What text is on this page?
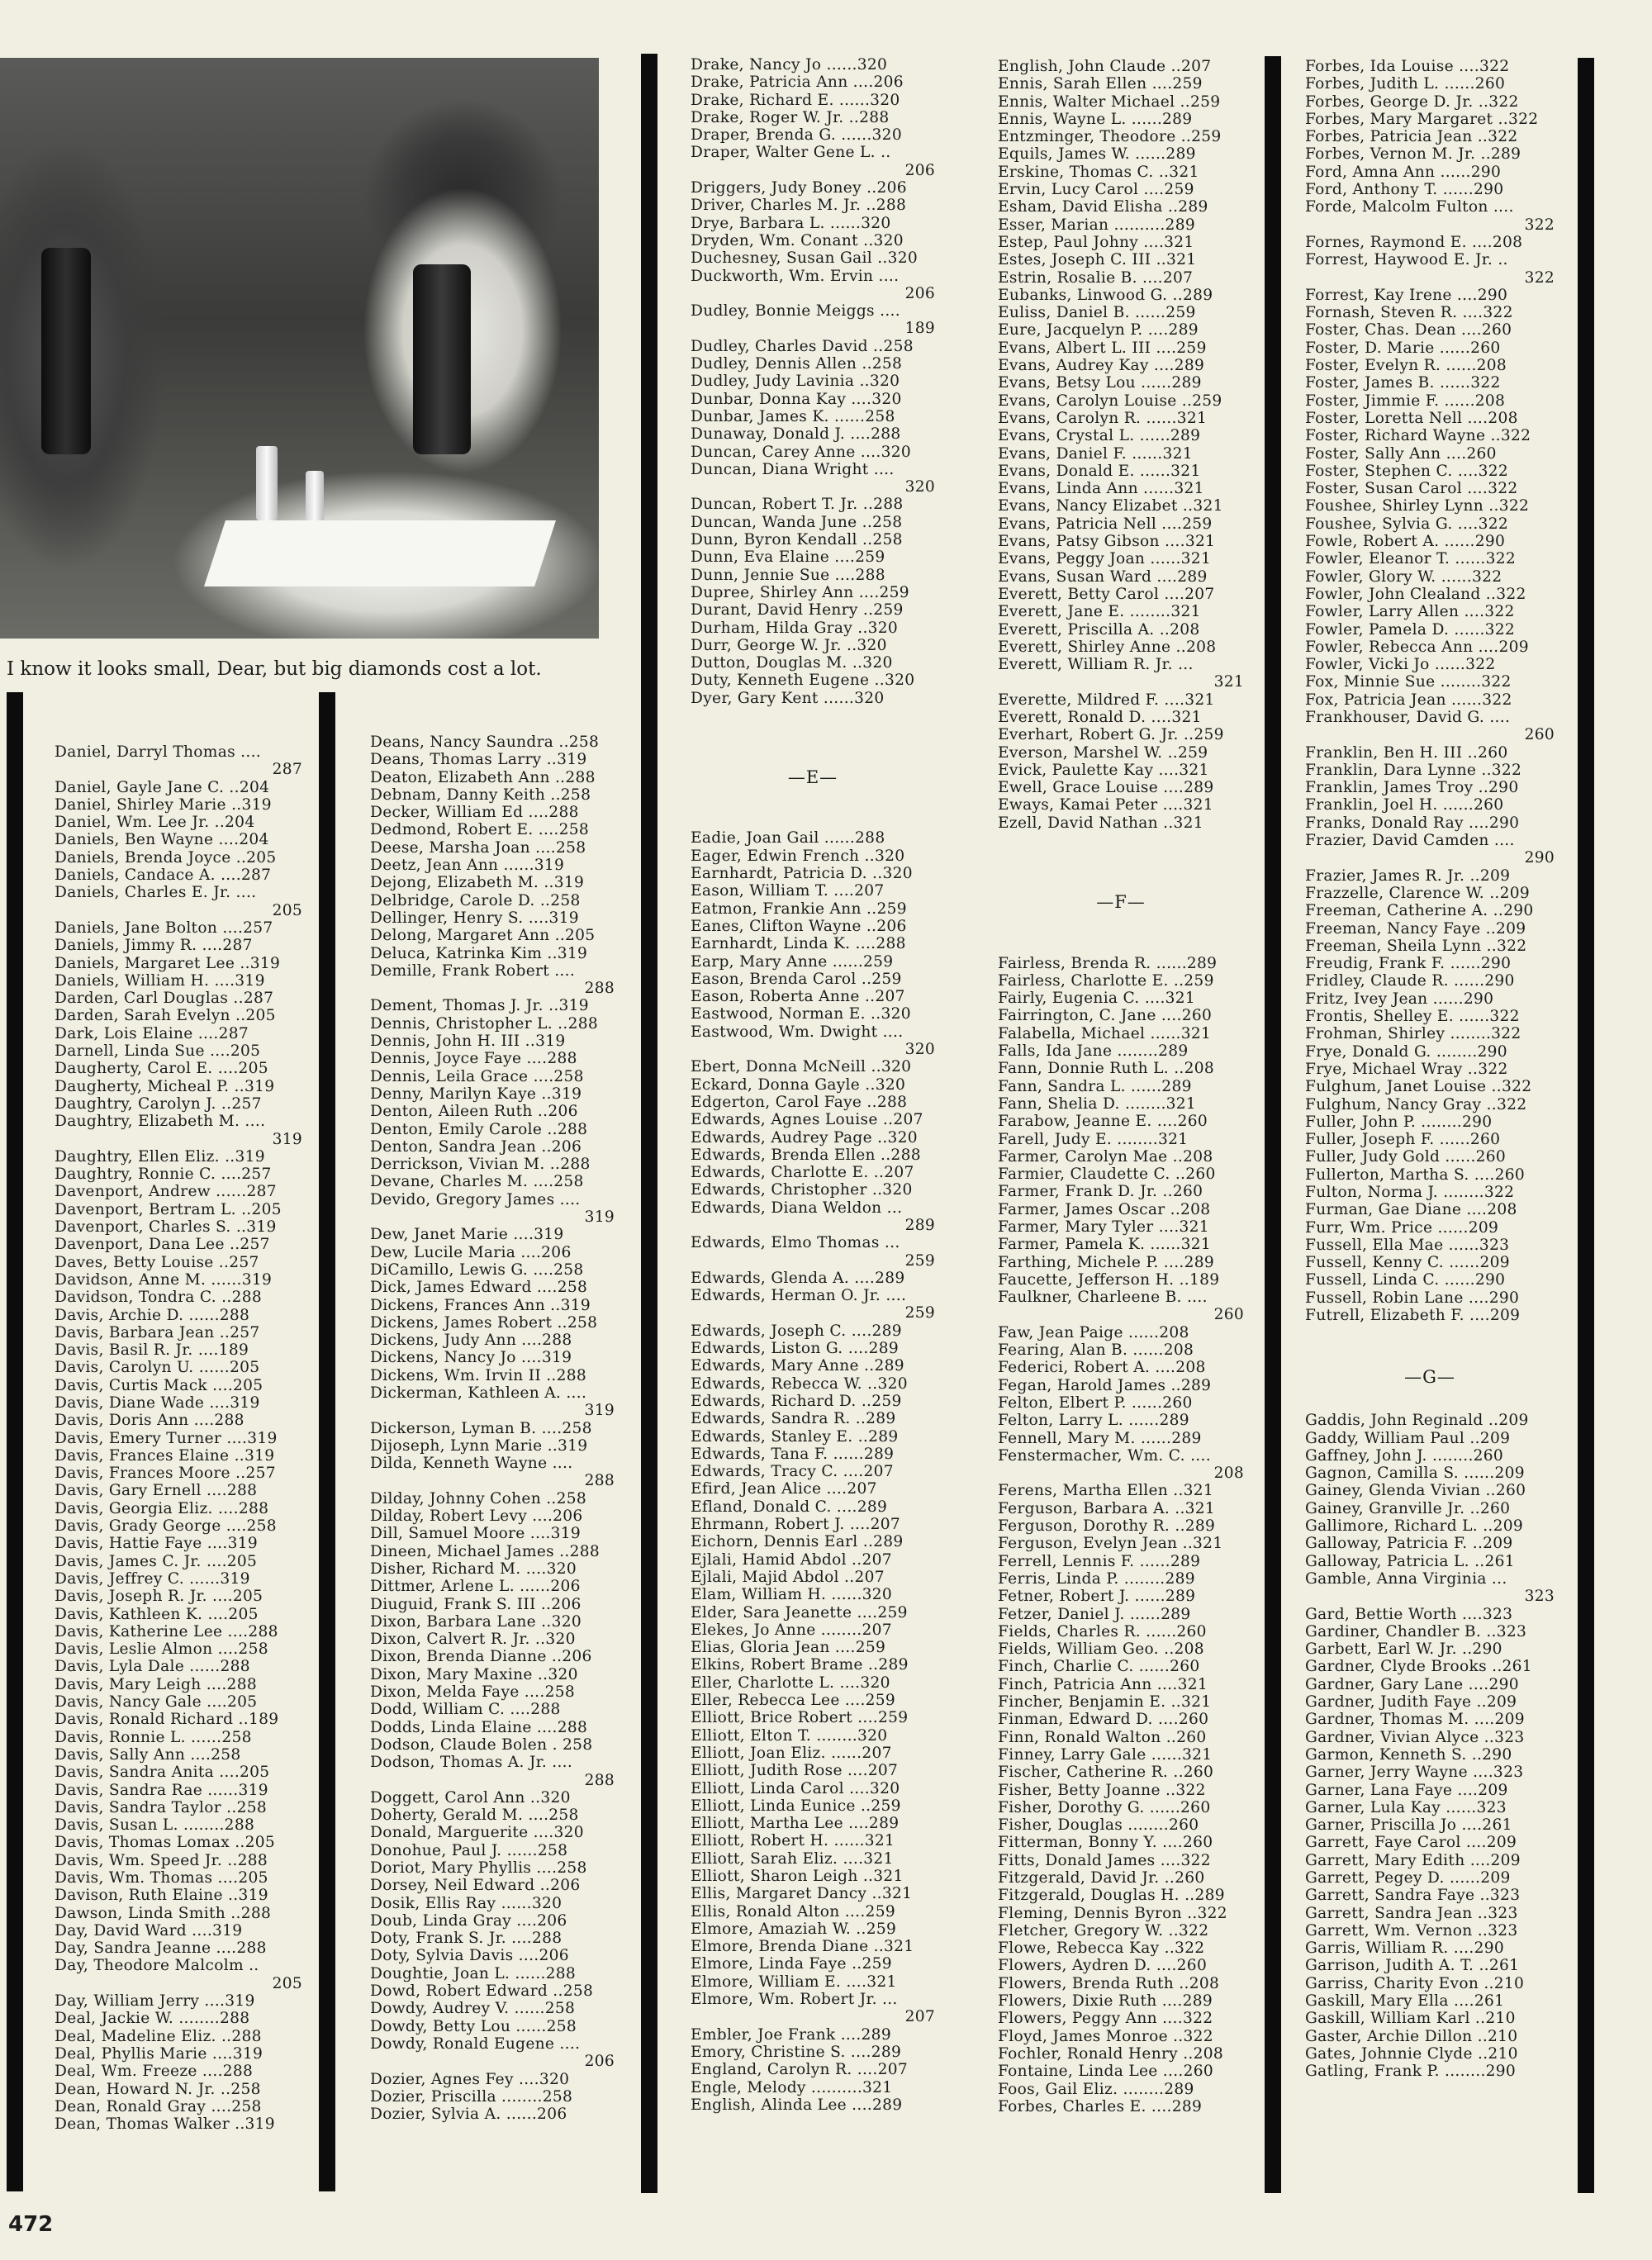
I know it looks small, Dear, but big diamonds cost a lot.
Daniel, Darryl Thomas ....
287
Daniel, Gayle Jane C. ..204
Daniel, Shirley Marie ..319
Daniel, Wm. Lee Jr. ..204
Daniels, Ben Wayne ....204
Daniels, Brenda Joyce ..205
Daniels, Candace A. ....287
Daniels, Charles E. Jr. ....
205
Daniels, Jane Bolton ....257
Daniels, Jimmy R. ....287
Daniels, Margaret Lee ..319
Daniels, William H. ....319
Darden, Carl Douglas ..287
Darden, Sarah Evelyn ..205
Dark, Lois Elaine ....287
Darnell, Linda Sue ....205
Daugherty, Carol E. ....205
Daugherty, Micheal P. ..319
Daughtry, Carolyn J. ..257
Daughtry, Elizabeth M. ....
319
Daughtry, Ellen Eliz. ..319
Daughtry, Ronnie C. ....257
Davenport, Andrew ......287
Davenport, Bertram L. ..205
Davenport, Charles S. ..319
Davenport, Dana Lee ..257
Daves, Betty Louise ..257
Davidson, Anne M. ......319
Davidson, Tondra C. ..288
Davis, Archie D. ......288
Davis, Barbara Jean ..257
Davis, Basil R. Jr. ....189
Davis, Carolyn U. ......205
Davis, Curtis Mack ....205
Davis, Diane Wade ....319
Davis, Doris Ann ....288
Davis, Emery Turner ....319
Davis, Frances Elaine ..319
Davis, Frances Moore ..257
Davis, Gary Ernell ....288
Davis, Georgia Eliz. ....288
Davis, Grady George ....258
Davis, Hattie Faye ....319
Davis, James C. Jr. ....205
Davis, Jeffrey C. ......319
Davis, Joseph R. Jr. ....205
Davis, Kathleen K. ....205
Davis, Katherine Lee ....288
Davis, Leslie Almon ....258
Davis, Lyla Dale ......288
Davis, Mary Leigh ....288
Davis, Nancy Gale ....205
Davis, Ronald Richard ..189
Davis, Ronnie L. ......258
Davis, Sally Ann ....258
Davis, Sandra Anita ....205
Davis, Sandra Rae ......319
Davis, Sandra Taylor ..258
Davis, Susan L. ........288
Davis, Thomas Lomax ..205
Davis, Wm. Speed Jr. ..288
Davis, Wm. Thomas ....205
Davison, Ruth Elaine ..319
Dawson, Linda Smith ..288
Day, David Ward ....319
Day, Sandra Jeanne ....288
Day, Theodore Malcolm ..
205
Day, William Jerry ....319
Deal, Jackie W. ........288
Deal, Madeline Eliz. ..288
Deal, Phyllis Marie ....319
Deal, Wm. Freeze ....288
Dean, Howard N. Jr. ..258
Dean, Ronald Gray ....258
Dean, Thomas Walker ..319
Deans, Nancy Saundra ..258
Deans, Thomas Larry ..319
Deaton, Elizabeth Ann ..288
Debnam, Danny Keith ..258
Decker, William Ed ....288
Dedmond, Robert E. ....258
Deese, Marsha Joan ....258
Deetz, Jean Ann ......319
Dejong, Elizabeth M. ..319
Delbridge, Carole D. ..258
Dellinger, Henry S. ....319
Delong, Margaret Ann ..205
Deluca, Katrinka Kim ..319
Demille, Frank Robert ....
288
Dement, Thomas J. Jr. ..319
Dennis, Christopher L. ..288
Dennis, John H. III ..319
Dennis, Joyce Faye ....288
Dennis, Leila Grace ....258
Denny, Marilyn Kaye ..319
Denton, Aileen Ruth ..206
Denton, Emily Carole ..288
Denton, Sandra Jean ..206
Derrickson, Vivian M. ..288
Devane, Charles M. ....258
Devido, Gregory James ....
319
Dew, Janet Marie ....319
Dew, Lucile Maria ....206
DiCamillo, Lewis G. ....258
Dick, James Edward ....258
Dickens, Frances Ann ..319
Dickens, James Robert ..258
Dickens, Judy Ann ....288
Dickens, Nancy Jo ....319
Dickens, Wm. Irvin II ..288
Dickerman, Kathleen A. ....
319
Dickerson, Lyman B. ....258
Dijoseph, Lynn Marie ..319
Dilda, Kenneth Wayne ....
288
Dilday, Johnny Cohen ..258
Dilday, Robert Levy ....206
Dill, Samuel Moore ....319
Dineen, Michael James ..288
Disher, Richard M. ....320
Dittmer, Arlene L. ......206
Diuguid, Frank S. III ..206
Dixon, Barbara Lane ..320
Dixon, Calvert R. Jr. ..320
Dixon, Brenda Dianne ..206
Dixon, Mary Maxine ..320
Dixon, Melda Faye ....258
Dodd, William C. ....288
Dodds, Linda Elaine ....288
Dodson, Claude Bolen . 258
Dodson, Thomas A. Jr. ....
288
Doggett, Carol Ann ..320
Doherty, Gerald M. ....258
Donald, Marguerite ....320
Donohue, Paul J. ......258
Doriot, Mary Phyllis ....258
Dorsey, Neil Edward ..206
Dosik, Ellis Ray ......320
Doub, Linda Gray ....206
Doty, Frank S. Jr. ....288
Doty, Sylvia Davis ....206
Doughtie, Joan L. ......288
Dowd, Robert Edward ..258
Dowdy, Audrey V. ......258
Dowdy, Betty Lou ......258
Dowdy, Ronald Eugene ....
206
Dozier, Agnes Fey ....320
Dozier, Priscilla ........258
Dozier, Sylvia A. ......206
Drake, Nancy Jo ......320
Drake, Patricia Ann ....206
Drake, Richard E. ......320
Drake, Roger W. Jr. ..288
Draper, Brenda G. ......320
Draper, Walter Gene L. ..
206
Driggers, Judy Boney ..206
Driver, Charles M. Jr. ..288
Drye, Barbara L. ......320
Dryden, Wm. Conant ..320
Duchesney, Susan Gail ..320
Duckworth, Wm. Ervin ....
206
Dudley, Bonnie Meiggs ....
189
Dudley, Charles David ..258
Dudley, Dennis Allen ..258
Dudley, Judy Lavinia ..320
Dunbar, Donna Kay ....320
Dunbar, James K. ......258
Dunaway, Donald J. ....288
Duncan, Carey Anne ....320
Duncan, Diana Wright ....
320
Duncan, Robert T. Jr. ..288
Duncan, Wanda June ..258
Dunn, Byron Kendall ..258
Dunn, Eva Elaine ....259
Dunn, Jennie Sue ....288
Dupree, Shirley Ann ....259
Durant, David Henry ..259
Durham, Hilda Gray ..320
Durr, George W. Jr. ..320
Dutton, Douglas M. ..320
Duty, Kenneth Eugene ..320
Dyer, Gary Kent ......320
—E—
Eadie, Joan Gail ......288
Eager, Edwin French ..320
Earnhardt, Patricia D. ..320
Eason, William T. ....207
Eatmon, Frankie Ann ..259
Eanes, Clifton Wayne ..206
Earnhardt, Linda K. ....288
Earp, Mary Anne ......259
Eason, Brenda Carol ..259
Eason, Roberta Anne ..207
Eastwood, Norman E. ..320
Eastwood, Wm. Dwight ....
320
Ebert, Donna McNeill ..320
Eckard, Donna Gayle ..320
Edgerton, Carol Faye ..288
Edwards, Agnes Louise ..207
Edwards, Audrey Page ..320
Edwards, Brenda Ellen ..288
Edwards, Charlotte E. ..207
Edwards, Christopher ..320
Edwards, Diana Weldon ...
289
Edwards, Elmo Thomas ...
259
Edwards, Glenda A. ....289
Edwards, Herman O. Jr. ....
259
Edwards, Joseph C. ....289
Edwards, Liston G. ....289
Edwards, Mary Anne ..289
Edwards, Rebecca W. ..320
Edwards, Richard D. ..259
Edwards, Sandra R. ..289
Edwards, Stanley E. ..289
Edwards, Tana F. ......289
Edwards, Tracy C. ....207
Efird, Jean Alice ....207
Efland, Donald C. ....289
Ehrmann, Robert J. ....207
Eichorn, Dennis Earl ..289
Ejlali, Hamid Abdol ..207
Ejlali, Majid Abdol ..207
Elam, William H. ......320
Elder, Sara Jeanette ....259
Elekes, Jo Anne ........207
Elias, Gloria Jean ....259
Elkins, Robert Brame ..289
Eller, Charlotte L. ....320
Eller, Rebecca Lee ....259
Elliott, Brice Robert ....259
Elliott, Elton T. ........320
Elliott, Joan Eliz. ......207
Elliott, Judith Rose ....207
Elliott, Linda Carol ....320
Elliott, Linda Eunice ..259
Elliott, Martha Lee ....289
Elliott, Robert H. ......321
Elliott, Sarah Eliz. ....321
Elliott, Sharon Leigh ..321
Ellis, Margaret Dancy ..321
Ellis, Ronald Alton ....259
Elmore, Amaziah W. ..259
Elmore, Brenda Diane ..321
Elmore, Linda Faye ..259
Elmore, William E. ....321
Elmore, Wm. Robert Jr. ...
207
Embler, Joe Frank ....289
Emory, Christine S. ....289
England, Carolyn R. ....207
Engle, Melody ..........321
English, Alinda Lee ....289
English, John Claude ..207
Ennis, Sarah Ellen ....259
Ennis, Walter Michael ..259
Ennis, Wayne L. ......289
Entzminger, Theodore ..259
Equils, James W. ......289
Erskine, Thomas C. ..321
Ervin, Lucy Carol ....259
Esham, David Elisha ..289
Esser, Marian ..........289
Estep, Paul Johny ....321
Estes, Joseph C. III ..321
Estrin, Rosalie B. ....207
Eubanks, Linwood G. ..289
Euliss, Daniel B. ......259
Eure, Jacquelyn P. ....289
Evans, Albert L. III ....259
Evans, Audrey Kay ....289
Evans, Betsy Lou ......289
Evans, Carolyn Louise ..259
Evans, Carolyn R. ......321
Evans, Crystal L. ......289
Evans, Daniel F. ......321
Evans, Donald E. ......321
Evans, Linda Ann ......321
Evans, Nancy Elizabet ..321
Evans, Patricia Nell ....259
Evans, Patsy Gibson ....321
Evans, Peggy Joan ......321
Evans, Susan Ward ....289
Everett, Betty Carol ....207
Everett, Jane E. ........321
Everett, Priscilla A. ..208
Everett, Shirley Anne ..208
Everett, William R. Jr. ...
321
Everette, Mildred F. ....321
Everett, Ronald D. ....321
Everhart, Robert G. Jr. ..259
Everson, Marshel W. ..259
Evick, Paulette Kay ....321
Ewell, Grace Louise ....289
Eways, Kamai Peter ....321
Ezell, David Nathan ..321
—F—
Fairless, Brenda R. ......289
Fairless, Charlotte E. ..259
Fairly, Eugenia C. ....321
Fairrington, C. Jane ....260
Falabella, Michael ......321
Falls, Ida Jane ........289
Fann, Donnie Ruth L. ..208
Fann, Sandra L. ......289
Fann, Shelia D. ........321
Farabow, Jeanne E. ....260
Farell, Judy E. ........321
Farmer, Carolyn Mae ..208
Farmier, Claudette C. ..260
Farmer, Frank D. Jr. ..260
Farmer, James Oscar ..208
Farmer, Mary Tyler ....321
Farmer, Pamela K. ......321
Farthing, Michele P. ....289
Faucette, Jefferson H. ..189
Faulkner, Charleene B. ....
260
Faw, Jean Paige ......208
Fearing, Alan B. ......208
Federici, Robert A. ....208
Fegan, Harold James ..289
Felton, Elbert P. ......260
Felton, Larry L. ......289
Fennell, Mary M. ......289
Fenstermacher, Wm. C. ....
208
Ferens, Martha Ellen ..321
Ferguson, Barbara A. ..321
Ferguson, Dorothy R. ..289
Ferguson, Evelyn Jean ..321
Ferrell, Lennis F. ......289
Ferris, Linda P. ........289
Fetner, Robert J. ......289
Fetzer, Daniel J. ......289
Fields, Charles R. ......260
Fields, William Geo. ..208
Finch, Charlie C. ......260
Finch, Patricia Ann ....321
Fincher, Benjamin E. ..321
Finman, Edward D. ....260
Finn, Ronald Walton ..260
Finney, Larry Gale ......321
Fischer, Catherine R. ..260
Fisher, Betty Joanne ..322
Fisher, Dorothy G. ......260
Fisher, Douglas ........260
Fitterman, Bonny Y. ....260
Fitts, Donald James ....322
Fitzgerald, David Jr. ..260
Fitzgerald, Douglas H. ..289
Fleming, Dennis Byron ..322
Fletcher, Gregory W. ..322
Flowe, Rebecca Kay ..322
Flowers, Aydren D. ....260
Flowers, Brenda Ruth ..208
Flowers, Dixie Ruth ....289
Flowers, Peggy Ann ....322
Floyd, James Monroe ..322
Fochler, Ronald Henry ..208
Fontaine, Linda Lee ....260
Foos, Gail Eliz. ........289
Forbes, Charles E. ....289
Forbes, Ida Louise ....322
Forbes, Judith L. ......260
Forbes, George D. Jr. ..322
Forbes, Mary Margaret ..322
Forbes, Patricia Jean ..322
Forbes, Vernon M. Jr. ..289
Ford, Amna Ann ......290
Ford, Anthony T. ......290
Forde, Malcolm Fulton ....
322
Fornes, Raymond E. ....208
Forrest, Haywood E. Jr. ..
322
Forrest, Kay Irene ....290
Fornash, Steven R. ....322
Foster, Chas. Dean ....260
Foster, D. Marie ......260
Foster, Evelyn R. ......208
Foster, James B. ......322
Foster, Jimmie F. ......208
Foster, Loretta Nell ....208
Foster, Richard Wayne ..322
Foster, Sally Ann ....260
Foster, Stephen C. ....322
Foster, Susan Carol ....322
Foushee, Shirley Lynn ..322
Foushee, Sylvia G. ....322
Fowle, Robert A. ......290
Fowler, Eleanor T. ......322
Fowler, Glory W. ......322
Fowler, John Clealand ..322
Fowler, Larry Allen ....322
Fowler, Pamela D. ......322
Fowler, Rebecca Ann ....209
Fowler, Vicki Jo ......322
Fox, Minnie Sue ........322
Fox, Patricia Jean ......322
Frankhouser, David G. ....
260
Franklin, Ben H. III ..260
Franklin, Dara Lynne ..322
Franklin, James Troy ..290
Franklin, Joel H. ......260
Franks, Donald Ray ....290
Frazier, David Camden ....
290
Frazier, James R. Jr. ..209
Frazzelle, Clarence W. ..209
Freeman, Catherine A. ..290
Freeman, Nancy Faye ..209
Freeman, Sheila Lynn ..322
Freudig, Frank F. ......290
Fridley, Claude R. ......290
Fritz, Ivey Jean ......290
Frontis, Shelley E. ......322
Frohman, Shirley ........322
Frye, Donald G. ........290
Frye, Michael Wray ..322
Fulghum, Janet Louise ..322
Fulghum, Nancy Gray ..322
Fuller, John P. ........290
Fuller, Joseph F. ......260
Fuller, Judy Gold ......260
Fullerton, Martha S. ....260
Fulton, Norma J. ........322
Furman, Gae Diane ....208
Furr, Wm. Price ......209
Fussell, Ella Mae ......323
Fussell, Kenny C. ......209
Fussell, Linda C. ......290
Fussell, Robin Lane ....290
Futrell, Elizabeth F. ....209
—G—
Gaddis, John Reginald ..209
Gaddy, William Paul ..209
Gaffney, John J. ........260
Gagnon, Camilla S. ......209
Gainey, Glenda Vivian ..260
Gainey, Granville Jr. ..260
Gallimore, Richard L. ..209
Galloway, Patricia F. ..209
Galloway, Patricia L. ..261
Gamble, Anna Virginia ...
323
Gard, Bettie Worth ....323
Gardiner, Chandler B. ..323
Garbett, Earl W. Jr. ..290
Gardner, Clyde Brooks ..261
Gardner, Gary Lane ....290
Gardner, Judith Faye ..209
Gardner, Thomas M. ....209
Gardner, Vivian Alyce ..323
Garmon, Kenneth S. ..290
Garner, Jerry Wayne ....323
Garner, Lana Faye ....209
Garner, Lula Kay ......323
Garner, Priscilla Jo ....261
Garrett, Faye Carol ....209
Garrett, Mary Edith ....209
Garrett, Pegey D. ......209
Garrett, Sandra Faye ..323
Garrett, Sandra Jean ..323
Garrett, Wm. Vernon ..323
Garris, William R. ....290
Garrison, Judith A. T. ..261
Garriss, Charity Evon ..210
Gaskill, Mary Ella ....261
Gaskill, William Karl ..210
Gaster, Archie Dillon ..210
Gates, Johnnie Clyde ..210
Gatling, Frank P. ........290
472
